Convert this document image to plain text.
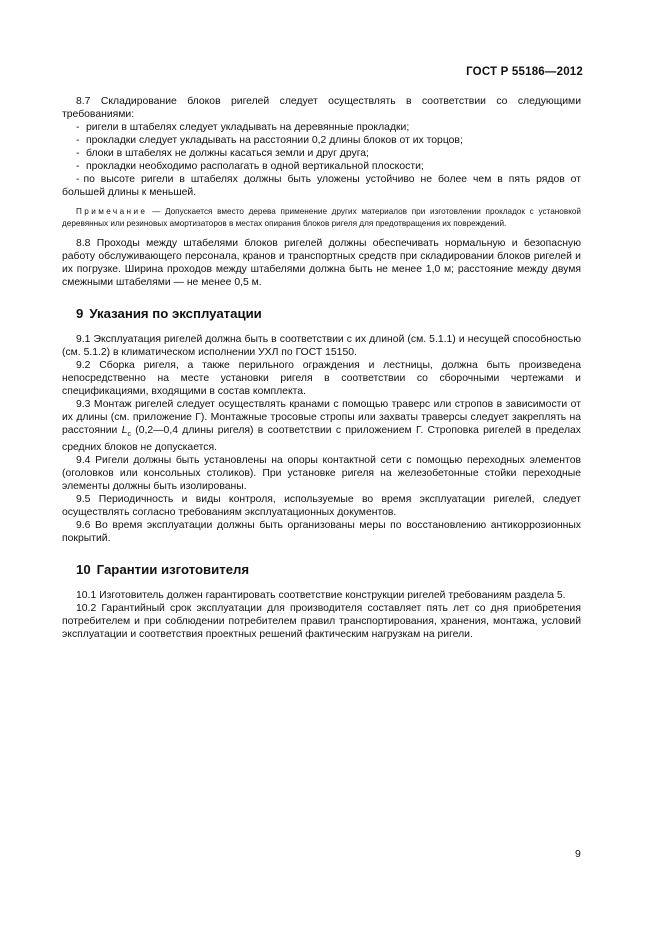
ГОСТ Р 55186—2012

8.7 Складирование блоков ригелей следует осуществлять в соответствии со следующими требованиями:

- ригели в штабелях следует укладывать на деревянные прокладки;
- прокладки следует укладывать на расстоянии 0,2 длины блоков от их торцов;
- блоки в штабелях не должны касаться земли и друг друга;
- прокладки необходимо располагать в одной вертикальной плоскости;
- по высоте ригели в штабелях должны быть уложены устойчиво не более чем в пять рядов от большей длины к меньшей.

Примечание — Допускается вместо дерева применение других материалов при изготовлении прокладок с установкой деревянных или резиновых амортизаторов в местах опирания блоков ригеля для предотвращения их повреждений.

8.8 Проходы между штабелями блоков ригелей должны обеспечивать нормальную и безопасную работу обслуживающего персонала, кранов и транспортных средств при складировании блоков ригелей и их погрузке. Ширина проходов между штабелями должна быть не менее 1,0 м; расстояние между двумя смежными штабелями — не менее 0,5 м.

9 Указания по эксплуатации

9.1 Эксплуатация ригелей должна быть в соответствии с их длиной (см. 5.1.1) и несущей способностью (см. 5.1.2) в климатическом исполнении УХЛ по ГОСТ 15150.

9.2 Сборка ригеля, а также перильного ограждения и лестницы, должна быть произведена непосредственно на месте установки ригеля в соответствии со сборочными чертежами и спецификациями, входящими в состав комплекта.

9.3 Монтаж ригелей следует осуществлять кранами с помощью траверс или стропов в зависимости от их длины (см. приложение Г). Монтажные тросовые стропы или захваты траверсы следует закреплять на расстоянии $L_c$ (0,2—0,4 длины ригеля) в соответствии с приложением Г. Строповка ригелей в пределах средних блоков не допускается.

9.4 Ригели должны быть установлены на опоры контактной сети с помощью переходных элементов (оголовков или консольных столиков). При установке ригеля на железобетонные стойки переходные элементы должны быть изолированы.

9.5 Периодичность и виды контроля, используемые во время эксплуатации ригелей, следует осуществлять согласно требованиям эксплуатационных документов.

9.6 Во время эксплуатации должны быть организованы меры по восстановлению антикоррозионных покрытий.

10 Гарантии изготовителя

10.1 Изготовитель должен гарантировать соответствие конструкции ригелей требованиям раздела 5.

10.2 Гарантийный срок эксплуатации для производителя составляет пять лет со дня приобретения потребителем и при соблюдении потребителем правил транспортирования, хранения, монтажа, условий эксплуатации и соответствия проектных решений фактическим нагрузкам на ригели.

9
